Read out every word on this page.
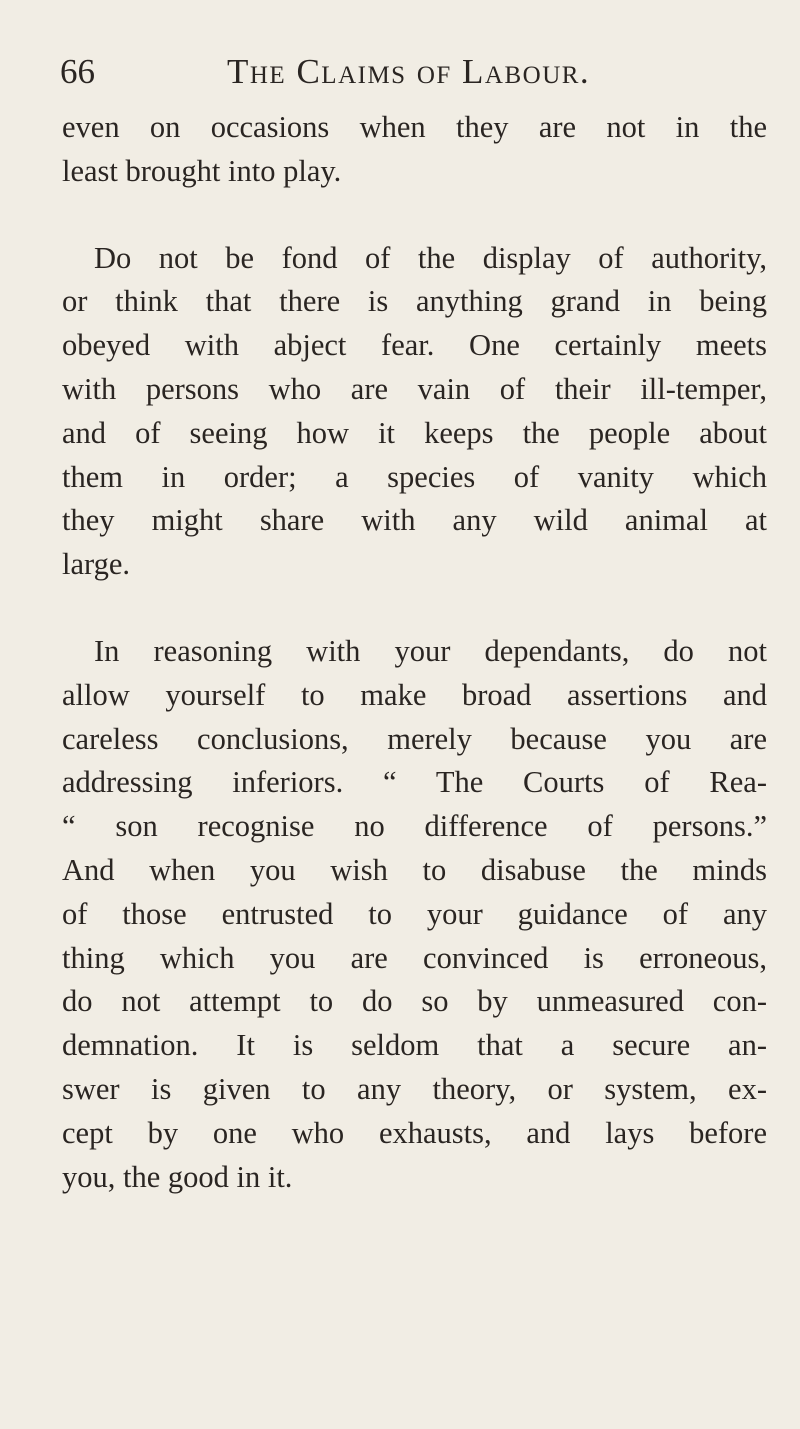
66	The Claims of Labour.

even on occasions when they are not in the
least brought into play.

Do not be fond of the display of authority,
or think that there is anything grand in being
obeyed with abject fear. One certainly meets
with persons who are vain of their ill-temper,
and of seeing how it keeps the people about
them in order; a species of vanity which
they might share with any wild animal at
large.

In reasoning with your dependants, do not
allow yourself to make broad assertions and
careless conclusions, merely because you are
addressing inferiors. “ The Courts of Rea-
“ son recognise no difference of persons.”
And when you wish to disabuse the minds
of those entrusted to your guidance of any
thing which you are convinced is erroneous,
do not attempt to do so by unmeasured con-
demnation. It is seldom that a secure an-
swer is given to any theory, or system, ex-
cept by one who exhausts, and lays before
you, the good in it.
